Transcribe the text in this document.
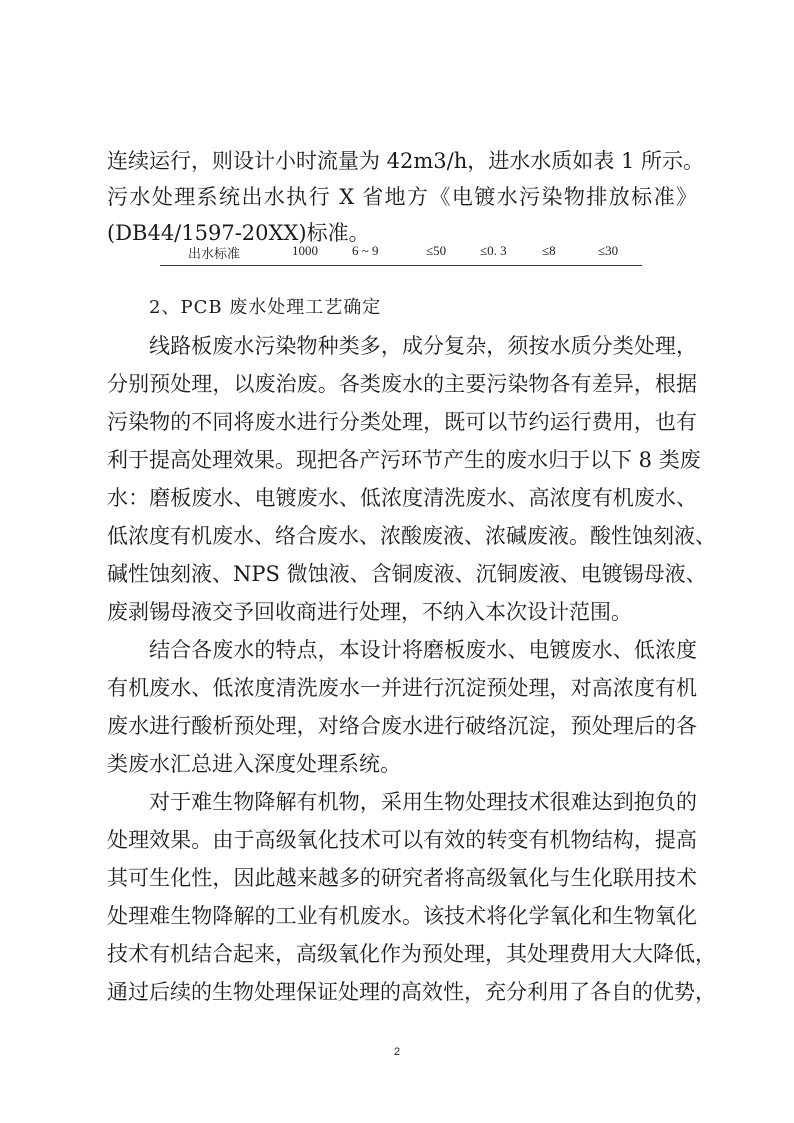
连续运行，则设计小时流量为 42m3/h，进水水质如表 1 所示。
污水处理系统出水执行 X 省地方《电镀水污染物排放标准》
(DB44/1597-20XX)标准。
出水标准	1000	6 ~ 9	≤50	≤0. 3	≤8	≤30
2、PCB 废水处理工艺确定
线路板废水污染物种类多，成分复杂，须按水质分类处理，
分别预处理，以废治废。各类废水的主要污染物各有差异，根据
污染物的不同将废水进行分类处理，既可以节约运行费用，也有
利于提高处理效果。现把各产污环节产生的废水归于以下 8 类废
水：磨板废水、电镀废水、低浓度清洗废水、高浓度有机废水、
低浓度有机废水、络合废水、浓酸废液、浓碱废液。酸性蚀刻液、
碱性蚀刻液、NPS 微蚀液、含铜废液、沉铜废液、电镀锡母液、
废剥锡母液交予回收商进行处理，不纳入本次设计范围。
结合各废水的特点，本设计将磨板废水、电镀废水、低浓度
有机废水、低浓度清洗废水一并进行沉淀预处理，对高浓度有机
废水进行酸析预处理，对络合废水进行破络沉淀，预处理后的各
类废水汇总进入深度处理系统。
对于难生物降解有机物，采用生物处理技术很难达到抱负的
处理效果。由于高级氧化技术可以有效的转变有机物结构，提高
其可生化性，因此越来越多的研究者将高级氧化与生化联用技术
处理难生物降解的工业有机废水。该技术将化学氧化和生物氧化
技术有机结合起来，高级氧化作为预处理，其处理费用大大降低，
通过后续的生物处理保证处理的高效性，充分利用了各自的优势，
2
